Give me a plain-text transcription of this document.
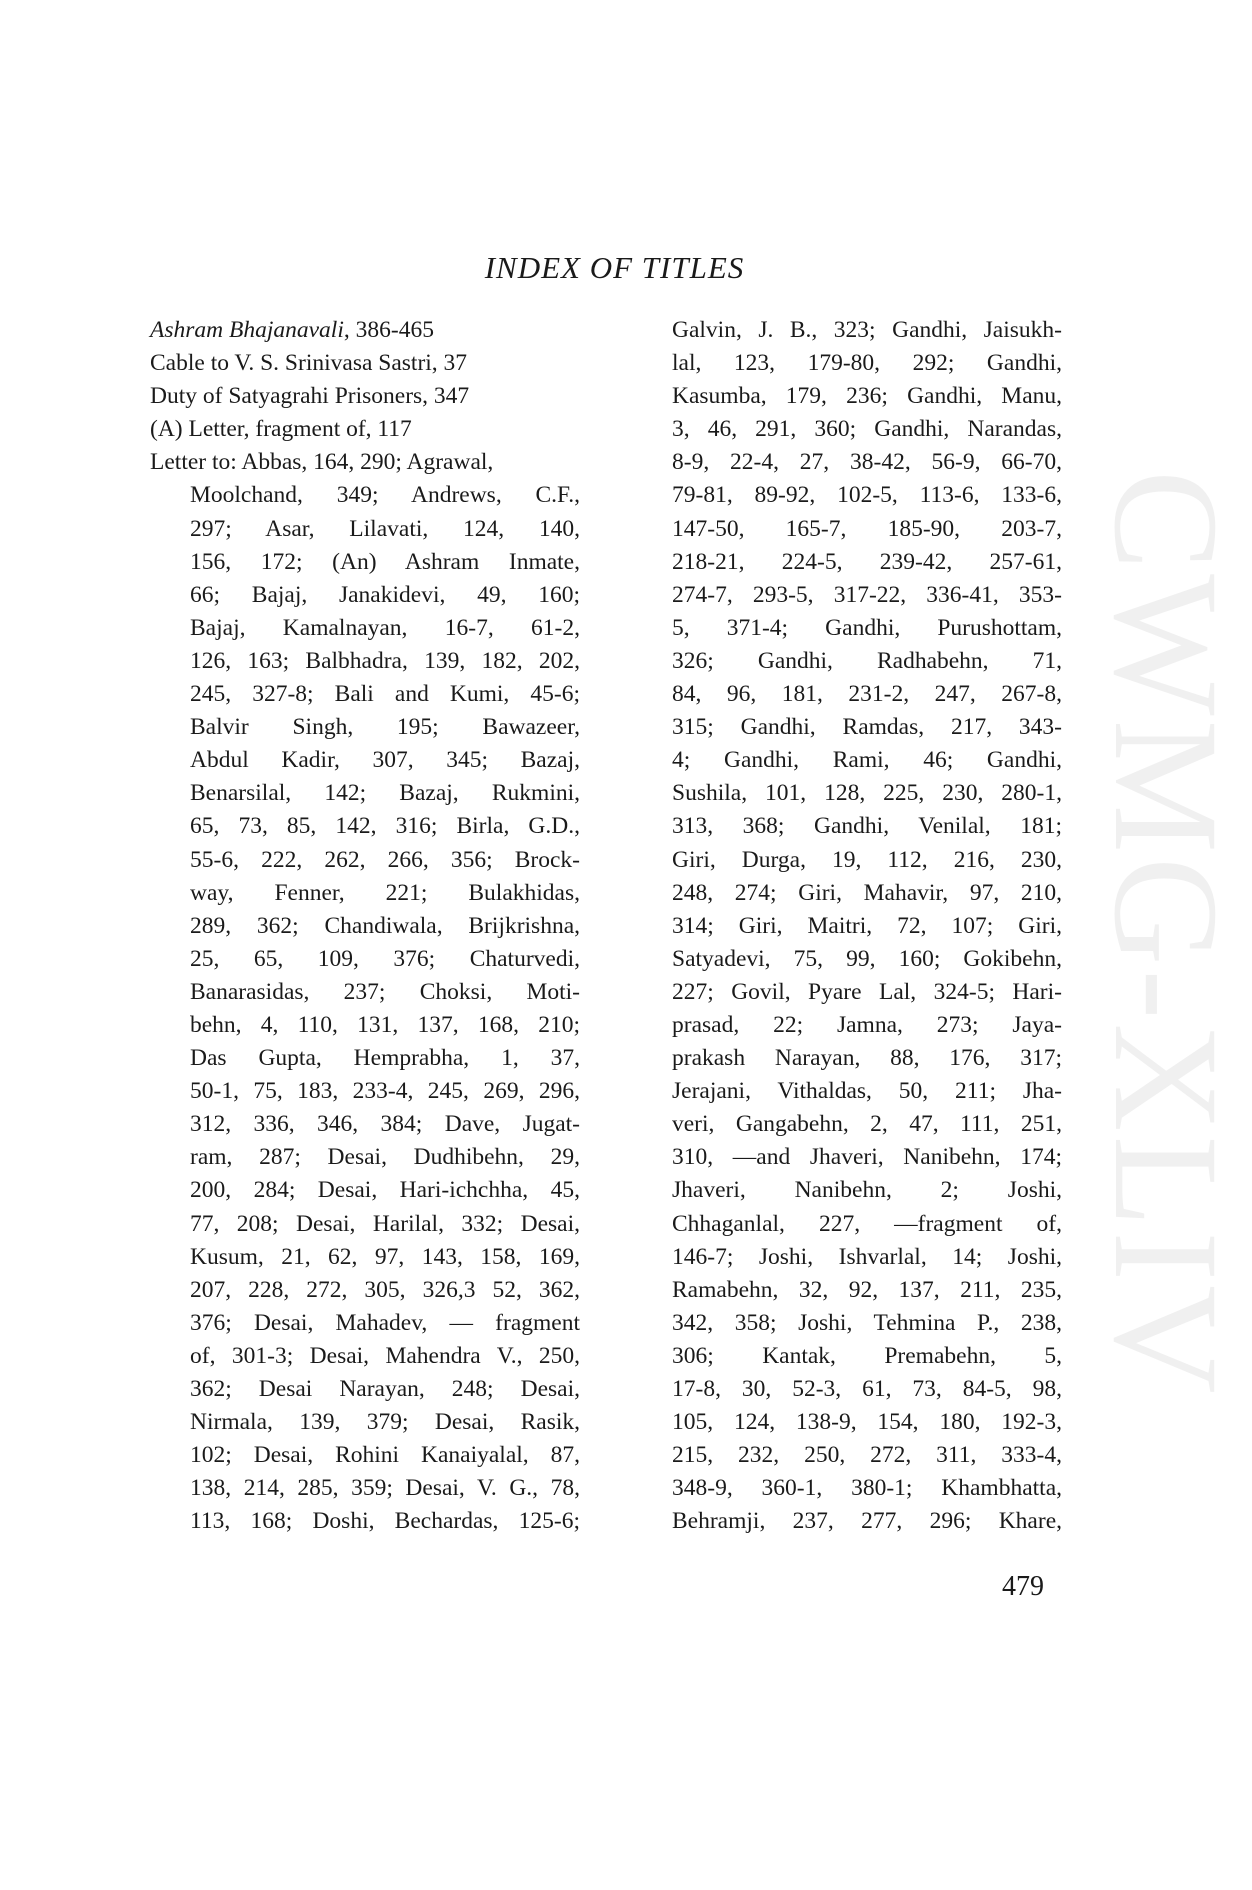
CWMG-XLIV
INDEX OF TITLES
Ashram Bhajanavali, 386-465
Cable to V. S. Srinivasa Sastri, 37
Duty of Satyagrahi Prisoners, 347
(A) Letter, fragment of, 117
Letter to: Abbas, 164, 290; Agrawal,
Moolchand, 349; Andrews, C.F.,
297; Asar, Lilavati, 124, 140,
156, 172; (An) Ashram Inmate,
66; Bajaj, Janakidevi, 49, 160;
Bajaj, Kamalnayan, 16-7, 61-2,
126, 163; Balbhadra, 139, 182, 202,
245, 327-8; Bali and Kumi, 45-6;
Balvir Singh, 195; Bawazeer,
Abdul Kadir, 307, 345; Bazaj,
Benarsilal, 142; Bazaj, Rukmini,
65, 73, 85, 142, 316; Birla, G.D.,
55-6, 222, 262, 266, 356; Brock-
way, Fenner, 221; Bulakhidas,
289, 362; Chandiwala, Brijkrishna,
25, 65, 109, 376; Chaturvedi,
Banarasidas, 237; Choksi, Moti-
behn, 4, 110, 131, 137, 168, 210;
Das Gupta, Hemprabha, 1, 37,
50-1, 75, 183, 233-4, 245, 269, 296,
312, 336, 346, 384; Dave, Jugat-
ram, 287; Desai, Dudhibehn, 29,
200, 284; Desai, Hari-ichchha, 45,
77, 208; Desai, Harilal, 332; Desai,
Kusum, 21, 62, 97, 143, 158, 169,
207, 228, 272, 305, 326,3 52, 362,
376; Desai, Mahadev, — fragment
of, 301-3; Desai, Mahendra V., 250,
362; Desai Narayan, 248; Desai,
Nirmala, 139, 379; Desai, Rasik,
102; Desai, Rohini Kanaiyalal, 87,
138, 214, 285, 359; Desai, V. G., 78,
113, 168; Doshi, Bechardas, 125-6;
Galvin, J. B., 323; Gandhi, Jaisukh-
lal, 123, 179-80, 292; Gandhi,
Kasumba, 179, 236; Gandhi, Manu,
3, 46, 291, 360; Gandhi, Narandas,
8-9, 22-4, 27, 38-42, 56-9, 66-70,
79-81, 89-92, 102-5, 113-6, 133-6,
147-50, 165-7, 185-90, 203-7,
218-21, 224-5, 239-42, 257-61,
274-7, 293-5, 317-22, 336-41, 353-
5, 371-4; Gandhi, Purushottam,
326; Gandhi, Radhabehn, 71,
84, 96, 181, 231-2, 247, 267-8,
315; Gandhi, Ramdas, 217, 343-
4; Gandhi, Rami, 46; Gandhi,
Sushila, 101, 128, 225, 230, 280-1,
313, 368; Gandhi, Venilal, 181;
Giri, Durga, 19, 112, 216, 230,
248, 274; Giri, Mahavir, 97, 210,
314; Giri, Maitri, 72, 107; Giri,
Satyadevi, 75, 99, 160; Gokibehn,
227; Govil, Pyare Lal, 324-5; Hari-
prasad, 22; Jamna, 273; Jaya-
prakash Narayan, 88, 176, 317;
Jerajani, Vithaldas, 50, 211; Jha-
veri, Gangabehn, 2, 47, 111, 251,
310, —and Jhaveri, Nanibehn, 174;
Jhaveri, Nanibehn, 2; Joshi,
Chhaganlal, 227, —fragment of,
146-7; Joshi, Ishvarlal, 14; Joshi,
Ramabehn, 32, 92, 137, 211, 235,
342, 358; Joshi, Tehmina P., 238,
306; Kantak, Premabehn, 5,
17-8, 30, 52-3, 61, 73, 84-5, 98,
105, 124, 138-9, 154, 180, 192-3,
215, 232, 250, 272, 311, 333-4,
348-9, 360-1, 380-1; Khambhatta,
Behramji, 237, 277, 296; Khare,
479
